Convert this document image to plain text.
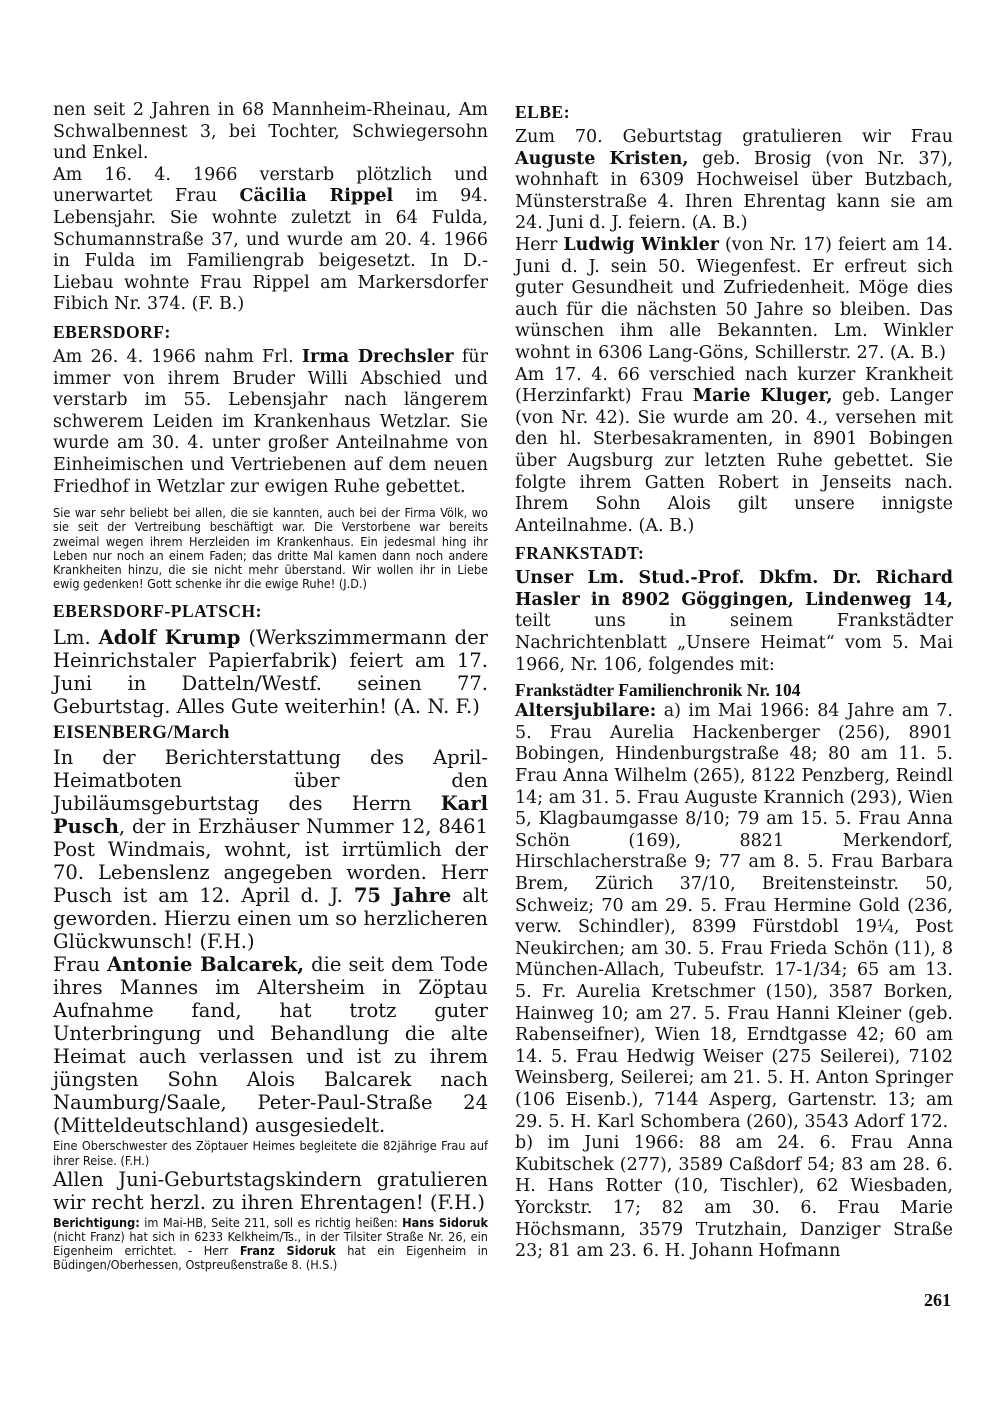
nen seit 2 Jahren in 68 Mannheim-Rheinau, Am Schwalbennest 3, bei Tochter, Schwiegersohn und Enkel.

Am 16. 4. 1966 verstarb plötzlich und unerwartet Frau Cäcilia Rippel im 94. Lebensjahr. Sie wohnte zuletzt in 64 Fulda, Schumannstraße 37, und wurde am 20. 4. 1966 in Fulda im Familiengrab beigesetzt. In D.-Liebau wohnte Frau Rippel am Markersdorfer Fibich Nr. 374. (F. B.)

EBERSDORF:

Am 26. 4. 1966 nahm Frl. Irma Drechsler für immer von ihrem Bruder Willi Abschied und verstarb im 55. Lebensjahr nach längerem schwerem Leiden im Krankenhaus Wetzlar. Sie wurde am 30. 4. unter großer Anteilnahme von Einheimischen und Vertriebenen auf dem neuen Friedhof in Wetzlar zur ewigen Ruhe gebettet.

Sie war sehr beliebt bei allen, die sie kannten, auch bei der Firma Völk, wo sie seit der Vertreibung beschäftigt war. Die Verstorbene war bereits zweimal wegen ihrem Herzleiden im Krankenhaus. Ein jedesmal hing ihr Leben nur noch an einem Faden; das dritte Mal kamen dann noch andere Krankheiten hinzu, die sie nicht mehr überstand. Wir wollen ihr in Liebe ewig gedenken! Gott schenke ihr die ewige Ruhe! (J.D.)

EBERSDORF-PLATSCH:

Lm. Adolf Krump (Werkszimmermann der Heinrichstaler Papierfabrik) feiert am 17. Juni in Datteln/Westf. seinen 77. Geburtstag. Alles Gute weiterhin! (A. N. F.)

EISENBERG/March

In der Berichterstattung des April-Heimatboten über den Jubiläumsgeburtstag des Herrn Karl Pusch, der in Erzhäuser Nummer 12, 8461 Post Windmais, wohnt, ist irrtümlich der 70. Lebenslenz angegeben worden. Herr Pusch ist am 12. April d. J. 75 Jahre alt geworden. Hierzu einen um so herzlicheren Glückwunsch! (F.H.)

Frau Antonie Balcarek, die seit dem Tode ihres Mannes im Altersheim in Zöptau Aufnahme fand, hat trotz guter Unterbringung und Behandlung die alte Heimat auch verlassen und ist zu ihrem jüngsten Sohn Alois Balcarek nach Naumburg/Saale, Peter-Paul-Straße 24 (Mitteldeutschland) ausgesiedelt.

Eine Oberschwester des Zöptauer Heimes begleitete die 82jährige Frau auf ihrer Reise. (F.H.)

Allen Juni-Geburtstagskindern gratulieren wir recht herzl. zu ihren Ehrentagen! (F.H.)

Berichtigung: im Mai-HB, Seite 211, soll es richtig heißen: Hans Sidoruk (nicht Franz) hat sich in 6233 Kelkheim/Ts., in der Tilsiter Straße Nr. 26, ein Eigenheim errichtet. - Herr Franz Sidoruk hat ein Eigenheim in Büdingen/Oberhessen, Ostpreußenstraße 8. (H.S.)

ELBE:

Zum 70. Geburtstag gratulieren wir Frau Auguste Kristen, geb. Brosig (von Nr. 37), wohnhaft in 6309 Hochweisel über Butzbach, Münsterstraße 4. Ihren Ehrentag kann sie am 24. Juni d. J. feiern. (A. B.)

Herr Ludwig Winkler (von Nr. 17) feiert am 14. Juni d. J. sein 50. Wiegenfest. Er erfreut sich guter Gesundheit und Zufriedenheit. Möge dies auch für die nächsten 50 Jahre so bleiben. Das wünschen ihm alle Bekannten. Lm. Winkler wohnt in 6306 Lang-Göns, Schillerstr. 27. (A. B.)

Am 17. 4. 66 verschied nach kurzer Krankheit (Herzinfarkt) Frau Marie Kluger, geb. Langer (von Nr. 42). Sie wurde am 20. 4., versehen mit den hl. Sterbesakramenten, in 8901 Bobingen über Augsburg zur letzten Ruhe gebettet. Sie folgte ihrem Gatten Robert in Jenseits nach. Ihrem Sohn Alois gilt unsere innigste Anteilnahme. (A. B.)

FRANKSTADT:

Unser Lm. Stud.-Prof. Dkfm. Dr. Richard Hasler in 8902 Göggingen, Lindenweg 14, teilt uns in seinem Frankstädter Nachrichtenblatt „Unsere Heimat“ vom 5. Mai 1966, Nr. 106, folgendes mit:

Frankstädter Familienchronik Nr. 104

Altersjubilare: a) im Mai 1966: 84 Jahre am 7. 5. Frau Aurelia Hackenberger (256), 8901 Bobingen, Hindenburgstraße 48; 80 am 11. 5. Frau Anna Wilhelm (265), 8122 Penzberg, Reindl 14; am 31. 5. Frau Auguste Krannich (293), Wien 5, Klagbaumgasse 8/10; 79 am 15. 5. Frau Anna Schön (169), 8821 Merkendorf, Hirschlacherstraße 9; 77 am 8. 5. Frau Barbara Brem, Zürich 37/10, Breitensteinstr. 50, Schweiz; 70 am 29. 5. Frau Hermine Gold (236, verw. Schindler), 8399 Fürstdobl 19¼, Post Neukirchen; am 30. 5. Frau Frieda Schön (11), 8 München-Allach, Tubeufstr. 17-1/34; 65 am 13. 5. Fr. Aurelia Kretschmer (150), 3587 Borken, Hainweg 10; am 27. 5. Frau Hanni Kleiner (geb. Rabenseifner), Wien 18, Erndtgasse 42; 60 am 14. 5. Frau Hedwig Weiser (275 Seilerei), 7102 Weinsberg, Seilerei; am 21. 5. H. Anton Springer (106 Eisenb.), 7144 Asperg, Gartenstr. 13; am 29. 5. H. Karl Schombera (260), 3543 Adorf 172.

b) im Juni 1966: 88 am 24. 6. Frau Anna Kubitschek (277), 3589 Caßdorf 54; 83 am 28. 6. H. Hans Rotter (10, Tischler), 62 Wiesbaden, Yorckstr. 17; 82 am 30. 6. Frau Marie Höchsmann, 3579 Trutzhain, Danziger Straße 23; 81 am 23. 6. H. Johann Hofmann

261
